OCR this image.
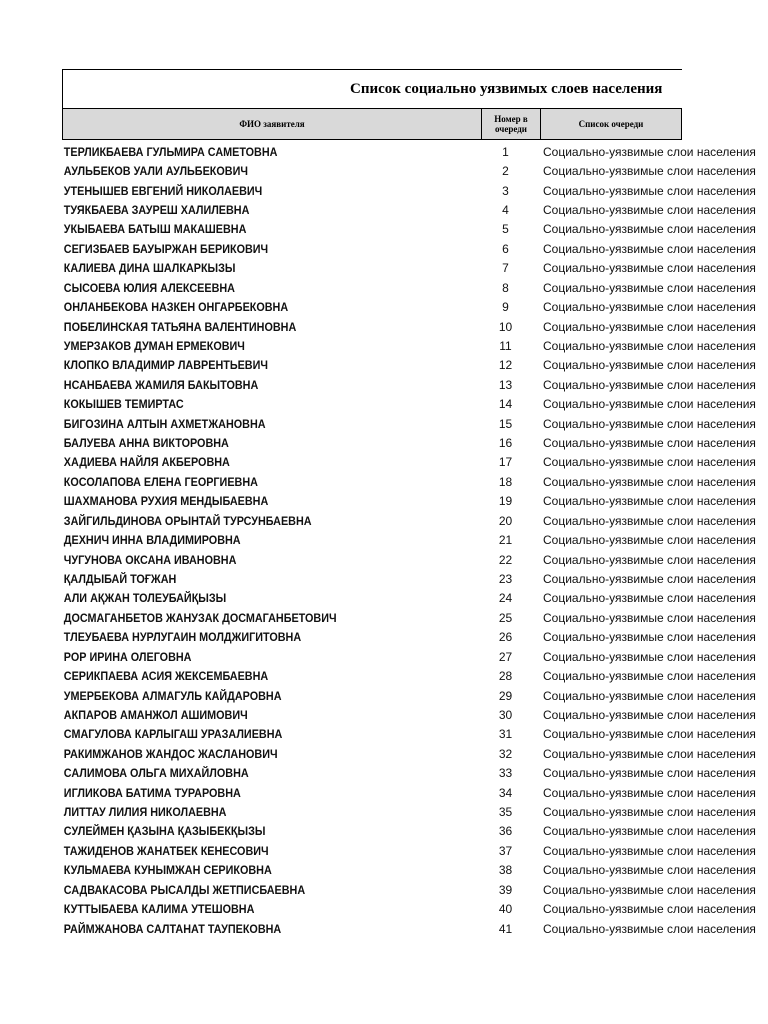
Список социально уязвимых слоев населения
ФИО заявителя	Номер в очереди	Список очереди
ТЕРЛИКБАЕВА ГУЛЬМИРА САМЕТОВНА	1	Социально-уязвимые слои населения
АУЛЬБЕКОВ УАЛИ АУЛЬБЕКОВИЧ	2	Социально-уязвимые слои населения
УТЕНЫШЕВ ЕВГЕНИЙ НИКОЛАЕВИЧ	3	Социально-уязвимые слои населения
ТУЯКБАЕВА ЗАУРЕШ ХАЛИЛЕВНА	4	Социально-уязвимые слои населения
УКЫБАЕВА БАТЫШ МАКАШЕВНА	5	Социально-уязвимые слои населения
СЕГИЗБАЕВ БАУЫРЖАН БЕРИКОВИЧ	6	Социально-уязвимые слои населения
КАЛИЕВА ДИНА ШАЛКАРКЫЗЫ	7	Социально-уязвимые слои населения
СЫСОЕВА ЮЛИЯ АЛЕКСЕЕВНА	8	Социально-уязвимые слои населения
ОНЛАНБЕКОВА НАЗКЕН ОНГАРБЕКОВНА	9	Социально-уязвимые слои населения
ПОБЕЛИНСКАЯ ТАТЬЯНА ВАЛЕНТИНОВНА	10	Социально-уязвимые слои населения
УМЕРЗАКОВ ДУМАН ЕРМЕКОВИЧ	11	Социально-уязвимые слои населения
КЛОПКО ВЛАДИМИР ЛАВРЕНТЬЕВИЧ	12	Социально-уязвимые слои населения
НСАНБАЕВА ЖАМИЛЯ БАКЫТОВНА	13	Социально-уязвимые слои населения
КОКЫШЕВ ТЕМИРТАС	14	Социально-уязвимые слои населения
БИГОЗИНА АЛТЫН АХМЕТЖАНОВНА	15	Социально-уязвимые слои населения
БАЛУЕВА АННА ВИКТОРОВНА	16	Социально-уязвимые слои населения
ХАДИЕВА НАЙЛЯ АКБЕРОВНА	17	Социально-уязвимые слои населения
КОСОЛАПОВА ЕЛЕНА ГЕОРГИЕВНА	18	Социально-уязвимые слои населения
ШАХМАНОВА РУХИЯ МЕНДЫБАЕВНА	19	Социально-уязвимые слои населения
ЗАЙГИЛЬДИНОВА ОРЫНТАЙ ТУРСУНБАЕВНА	20	Социально-уязвимые слои населения
ДЕХНИЧ ИННА ВЛАДИМИРОВНА	21	Социально-уязвимые слои населения
ЧУГУНОВА ОКСАНА ИВАНОВНА	22	Социально-уязвимые слои населения
ҚАЛДЫБАЙ ТОҒЖАН	23	Социально-уязвимые слои населения
АЛИ АҚЖАН ТОЛЕУБАЙҚЫЗЫ	24	Социально-уязвимые слои населения
ДОСМАГАНБЕТОВ ЖАНУЗАК ДОСМАГАНБЕТОВИЧ	25	Социально-уязвимые слои населения
ТЛЕУБАЕВА НУРЛУГАИН МОЛДЖИГИТОВНА	26	Социально-уязвимые слои населения
РОР ИРИНА ОЛЕГОВНА	27	Социально-уязвимые слои населения
СЕРИКПАЕВА АСИЯ ЖЕКСЕМБАЕВНА	28	Социально-уязвимые слои населения
УМЕРБЕКОВА АЛМАГУЛЬ КАЙДАРОВНА	29	Социально-уязвимые слои населения
АКПАРОВ АМАНЖОЛ АШИМОВИЧ	30	Социально-уязвимые слои населения
СМАГУЛОВА КАРЛЫГАШ УРАЗАЛИЕВНА	31	Социально-уязвимые слои населения
РАКИМЖАНОВ ЖАНДОС ЖАСЛАНОВИЧ	32	Социально-уязвимые слои населения
САЛИМОВА ОЛЬГА МИХАЙЛОВНА	33	Социально-уязвимые слои населения
ИГЛИКОВА БАТИМА ТУРАРОВНА	34	Социально-уязвимые слои населения
ЛИТТАУ ЛИЛИЯ НИКОЛАЕВНА	35	Социально-уязвимые слои населения
СУЛЕЙМЕН ҚАЗЫНА ҚАЗЫБЕКҚЫЗЫ	36	Социально-уязвимые слои населения
ТАЖИДЕНОВ ЖАНАТБЕК КЕНЕСОВИЧ	37	Социально-уязвимые слои населения
КУЛЬМАЕВА КУНЫМЖАН СЕРИКОВНА	38	Социально-уязвимые слои населения
САДВАКАСОВА РЫСАЛДЫ ЖЕТПИСБАЕВНА	39	Социально-уязвимые слои населения
КУТТЫБАЕВА КАЛИМА УТЕШОВНА	40	Социально-уязвимые слои населения
РАЙМЖАНОВА САЛТАНАТ ТАУПЕКОВНА	41	Социально-уязвимые слои населения
